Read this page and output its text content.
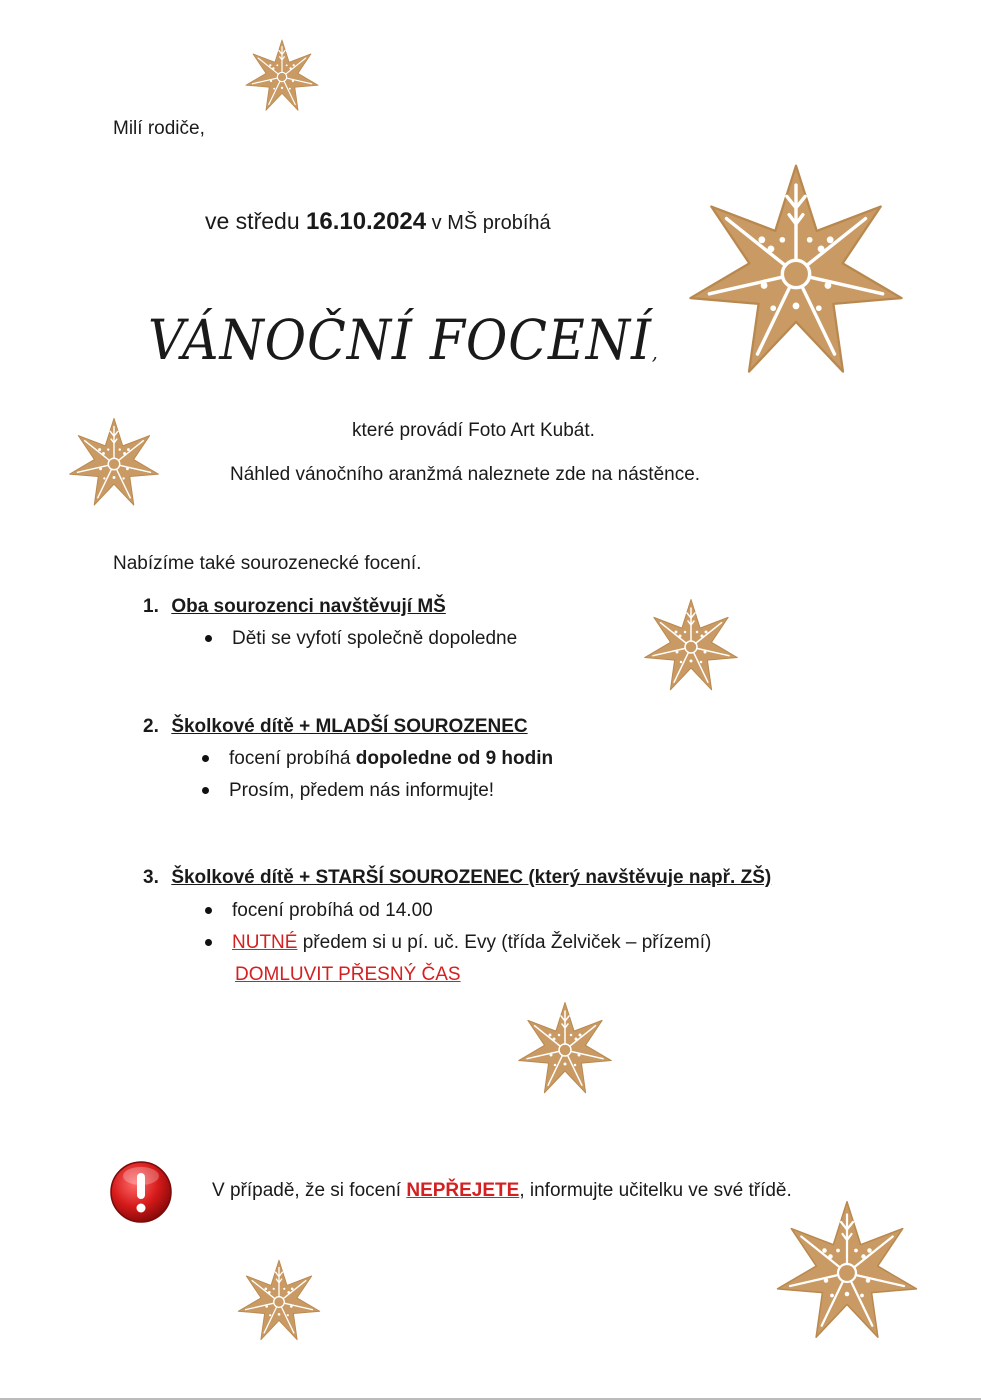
Milí rodiče,
ve středu 16.10.2024 v MŠ probíhá
VÁNOČNÍ FOCENÍ,
které provádí Foto Art Kubát.
Náhled vánočního aranžmá naleznete zde na nástěnce.
Nabízíme také sourozenecké focení.
1. Oba sourozenci navštěvují MŠ
Děti se vyfotí společně dopoledne
2. Školkové dítě + MLADŠÍ SOUROZENEC
focení probíhá dopoledne od 9 hodin
Prosím, předem nás informujte!
3. Školkové dítě + STARŠÍ SOUROZENEC (který navštěvuje např. ZŠ)
focení probíhá od 14.00
NUTNÉ předem si u pí. uč. Evy (třída Želviček – přízemí)
DOMLUVIT PŘESNÝ ČAS
V případě, že si focení NEPŘEJETE, informujte učitelku ve své třídě.
